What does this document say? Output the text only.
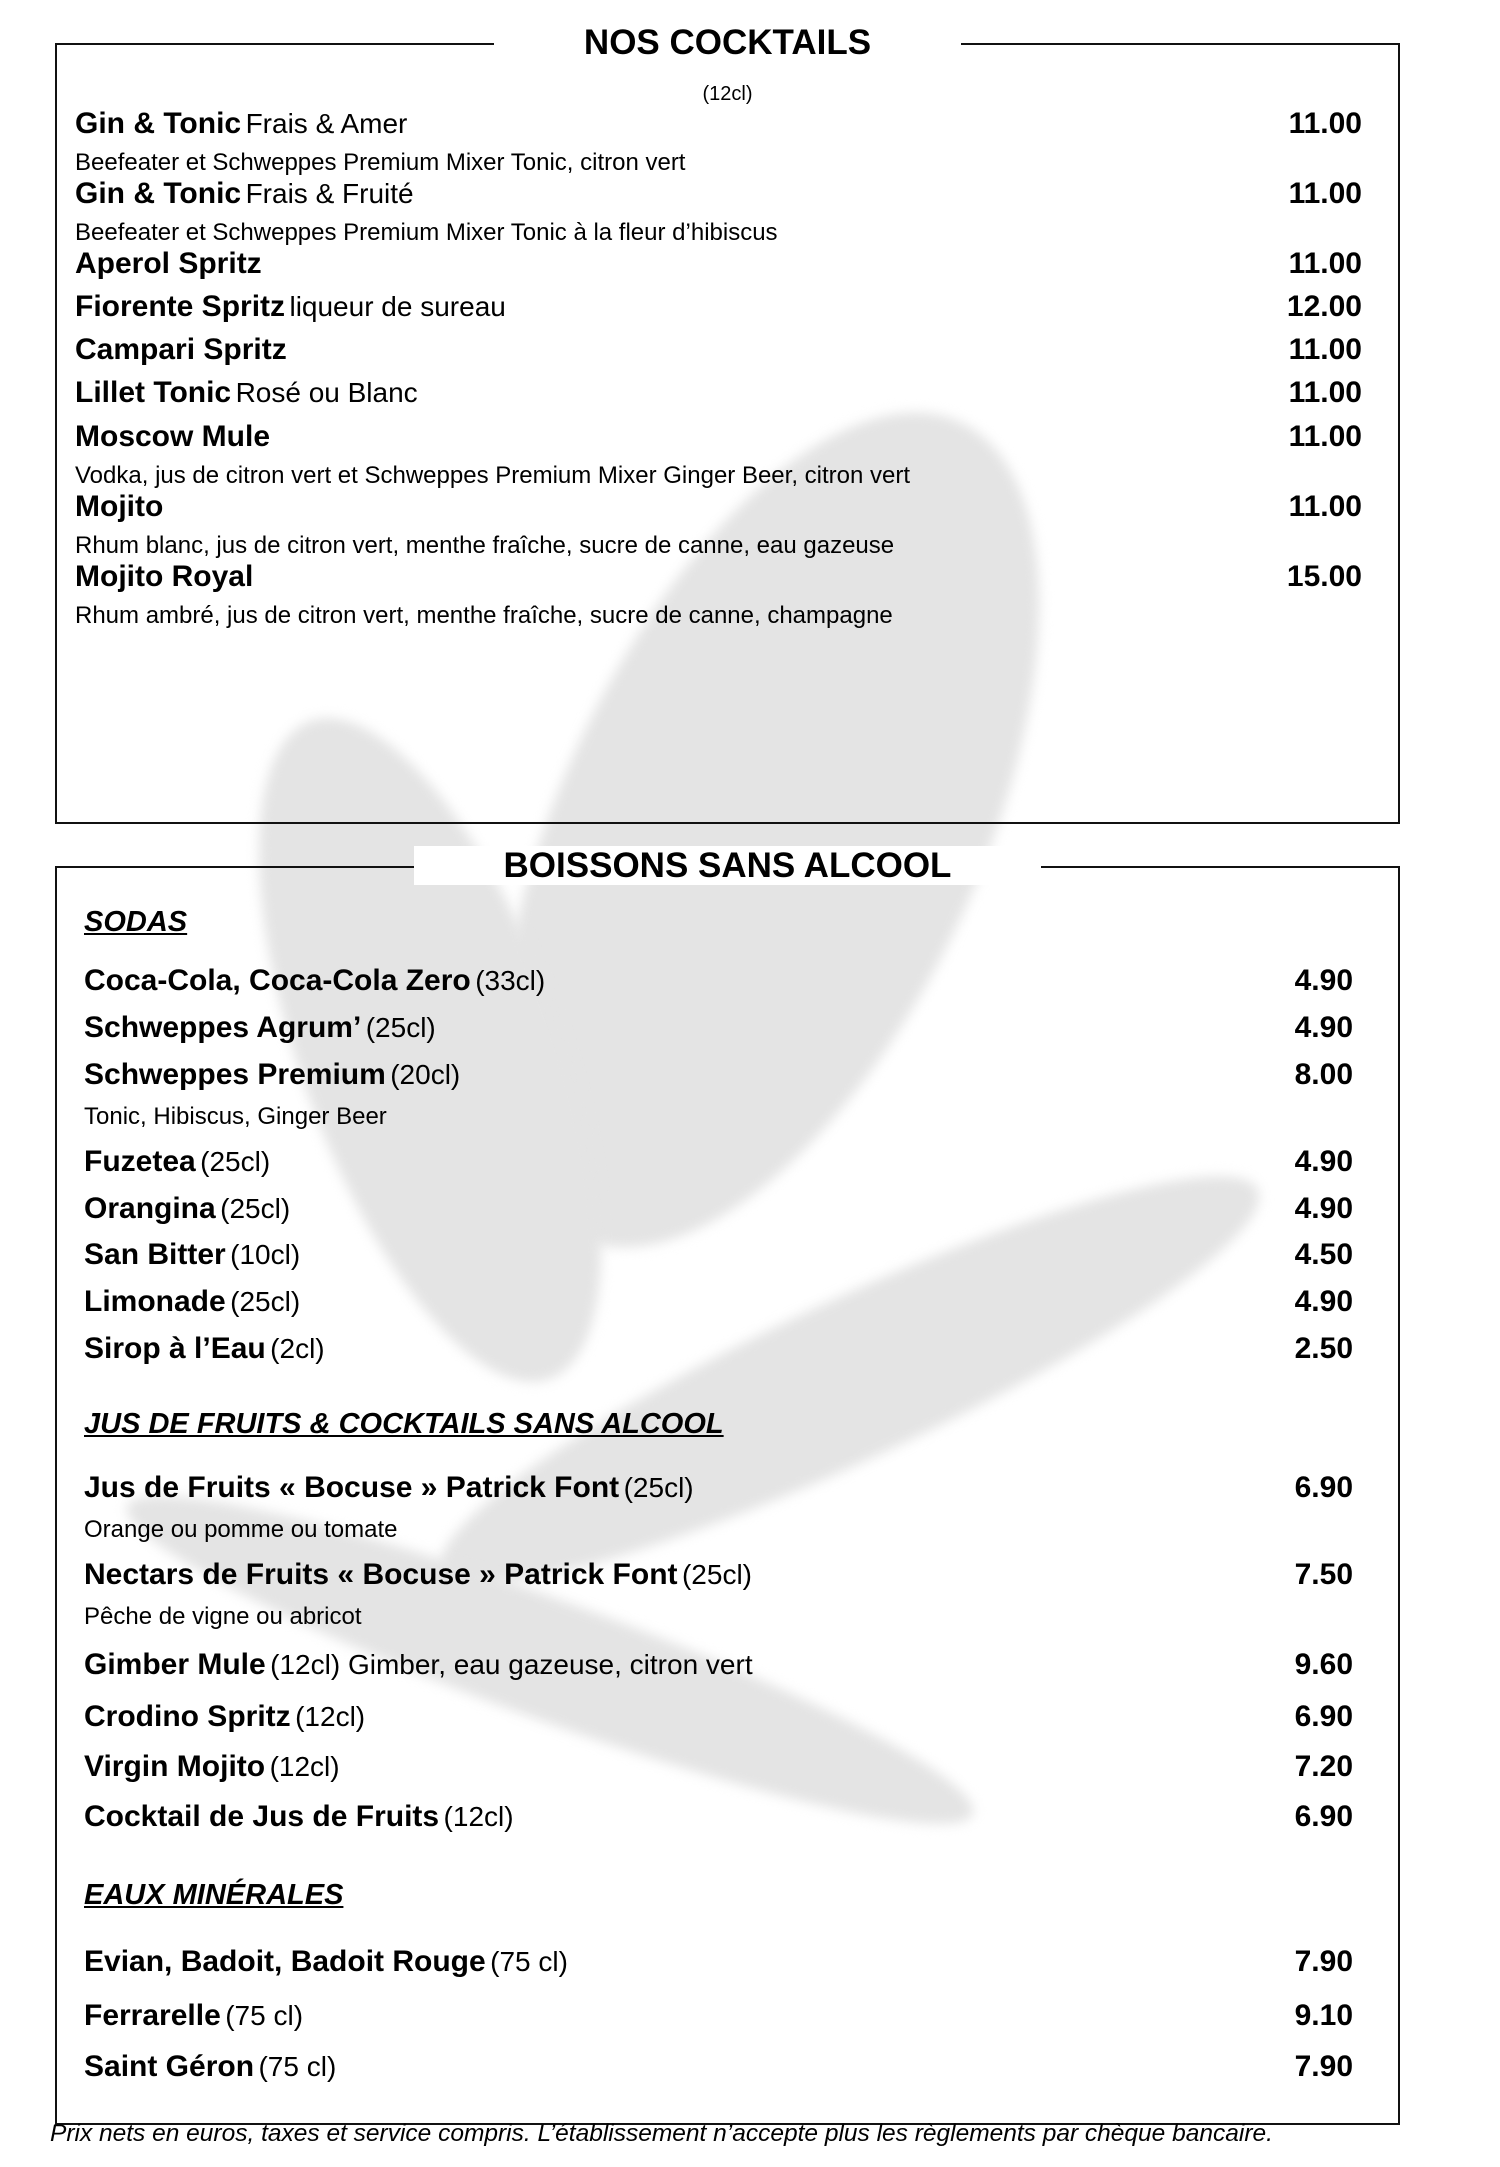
NOS COCKTAILS
(12cl)
Gin & Tonic Frais & Amer	11.00
Beefeater et Schweppes Premium Mixer Tonic, citron vert
Gin & Tonic Frais & Fruité	11.00
Beefeater et Schweppes Premium Mixer Tonic à la fleur d’hibiscus
Aperol Spritz	11.00
Fiorente Spritz liqueur de sureau	12.00
Campari Spritz	11.00
Lillet Tonic Rosé ou Blanc	11.00
Moscow Mule	11.00
Vodka, jus de citron vert et Schweppes Premium Mixer Ginger Beer, citron vert
Mojito	11.00
Rhum blanc, jus de citron vert, menthe fraîche, sucre de canne, eau gazeuse
Mojito Royal	15.00
Rhum ambré, jus de citron vert, menthe fraîche, sucre de canne, champagne
BOISSONS SANS ALCOOL
SODAS
Coca-Cola, Coca-Cola Zero (33cl)	4.90
Schweppes Agrum’ (25cl)	4.90
Schweppes Premium (20cl)	8.00
Tonic, Hibiscus, Ginger Beer
Fuzetea (25cl)	4.90
Orangina (25cl)	4.90
San Bitter (10cl)	4.50
Limonade (25cl)	4.90
Sirop à l’Eau (2cl)	2.50
JUS DE FRUITS & COCKTAILS SANS ALCOOL
Jus de Fruits « Bocuse » Patrick Font (25cl)	6.90
Orange ou pomme ou tomate
Nectars de Fruits « Bocuse » Patrick Font (25cl)	7.50
Pêche de vigne ou abricot
Gimber Mule (12cl) Gimber, eau gazeuse, citron vert	9.60
Crodino Spritz (12cl)	6.90
Virgin Mojito (12cl)	7.20
Cocktail de Jus de Fruits (12cl)	6.90
EAUX MINÉRALES
Evian, Badoit, Badoit Rouge (75 cl)	7.90
Ferrarelle (75 cl)	9.10
Saint Géron (75 cl)	7.90
Prix nets en euros, taxes et service compris. L’établissement n’accepte plus les règlements par chèque bancaire.
